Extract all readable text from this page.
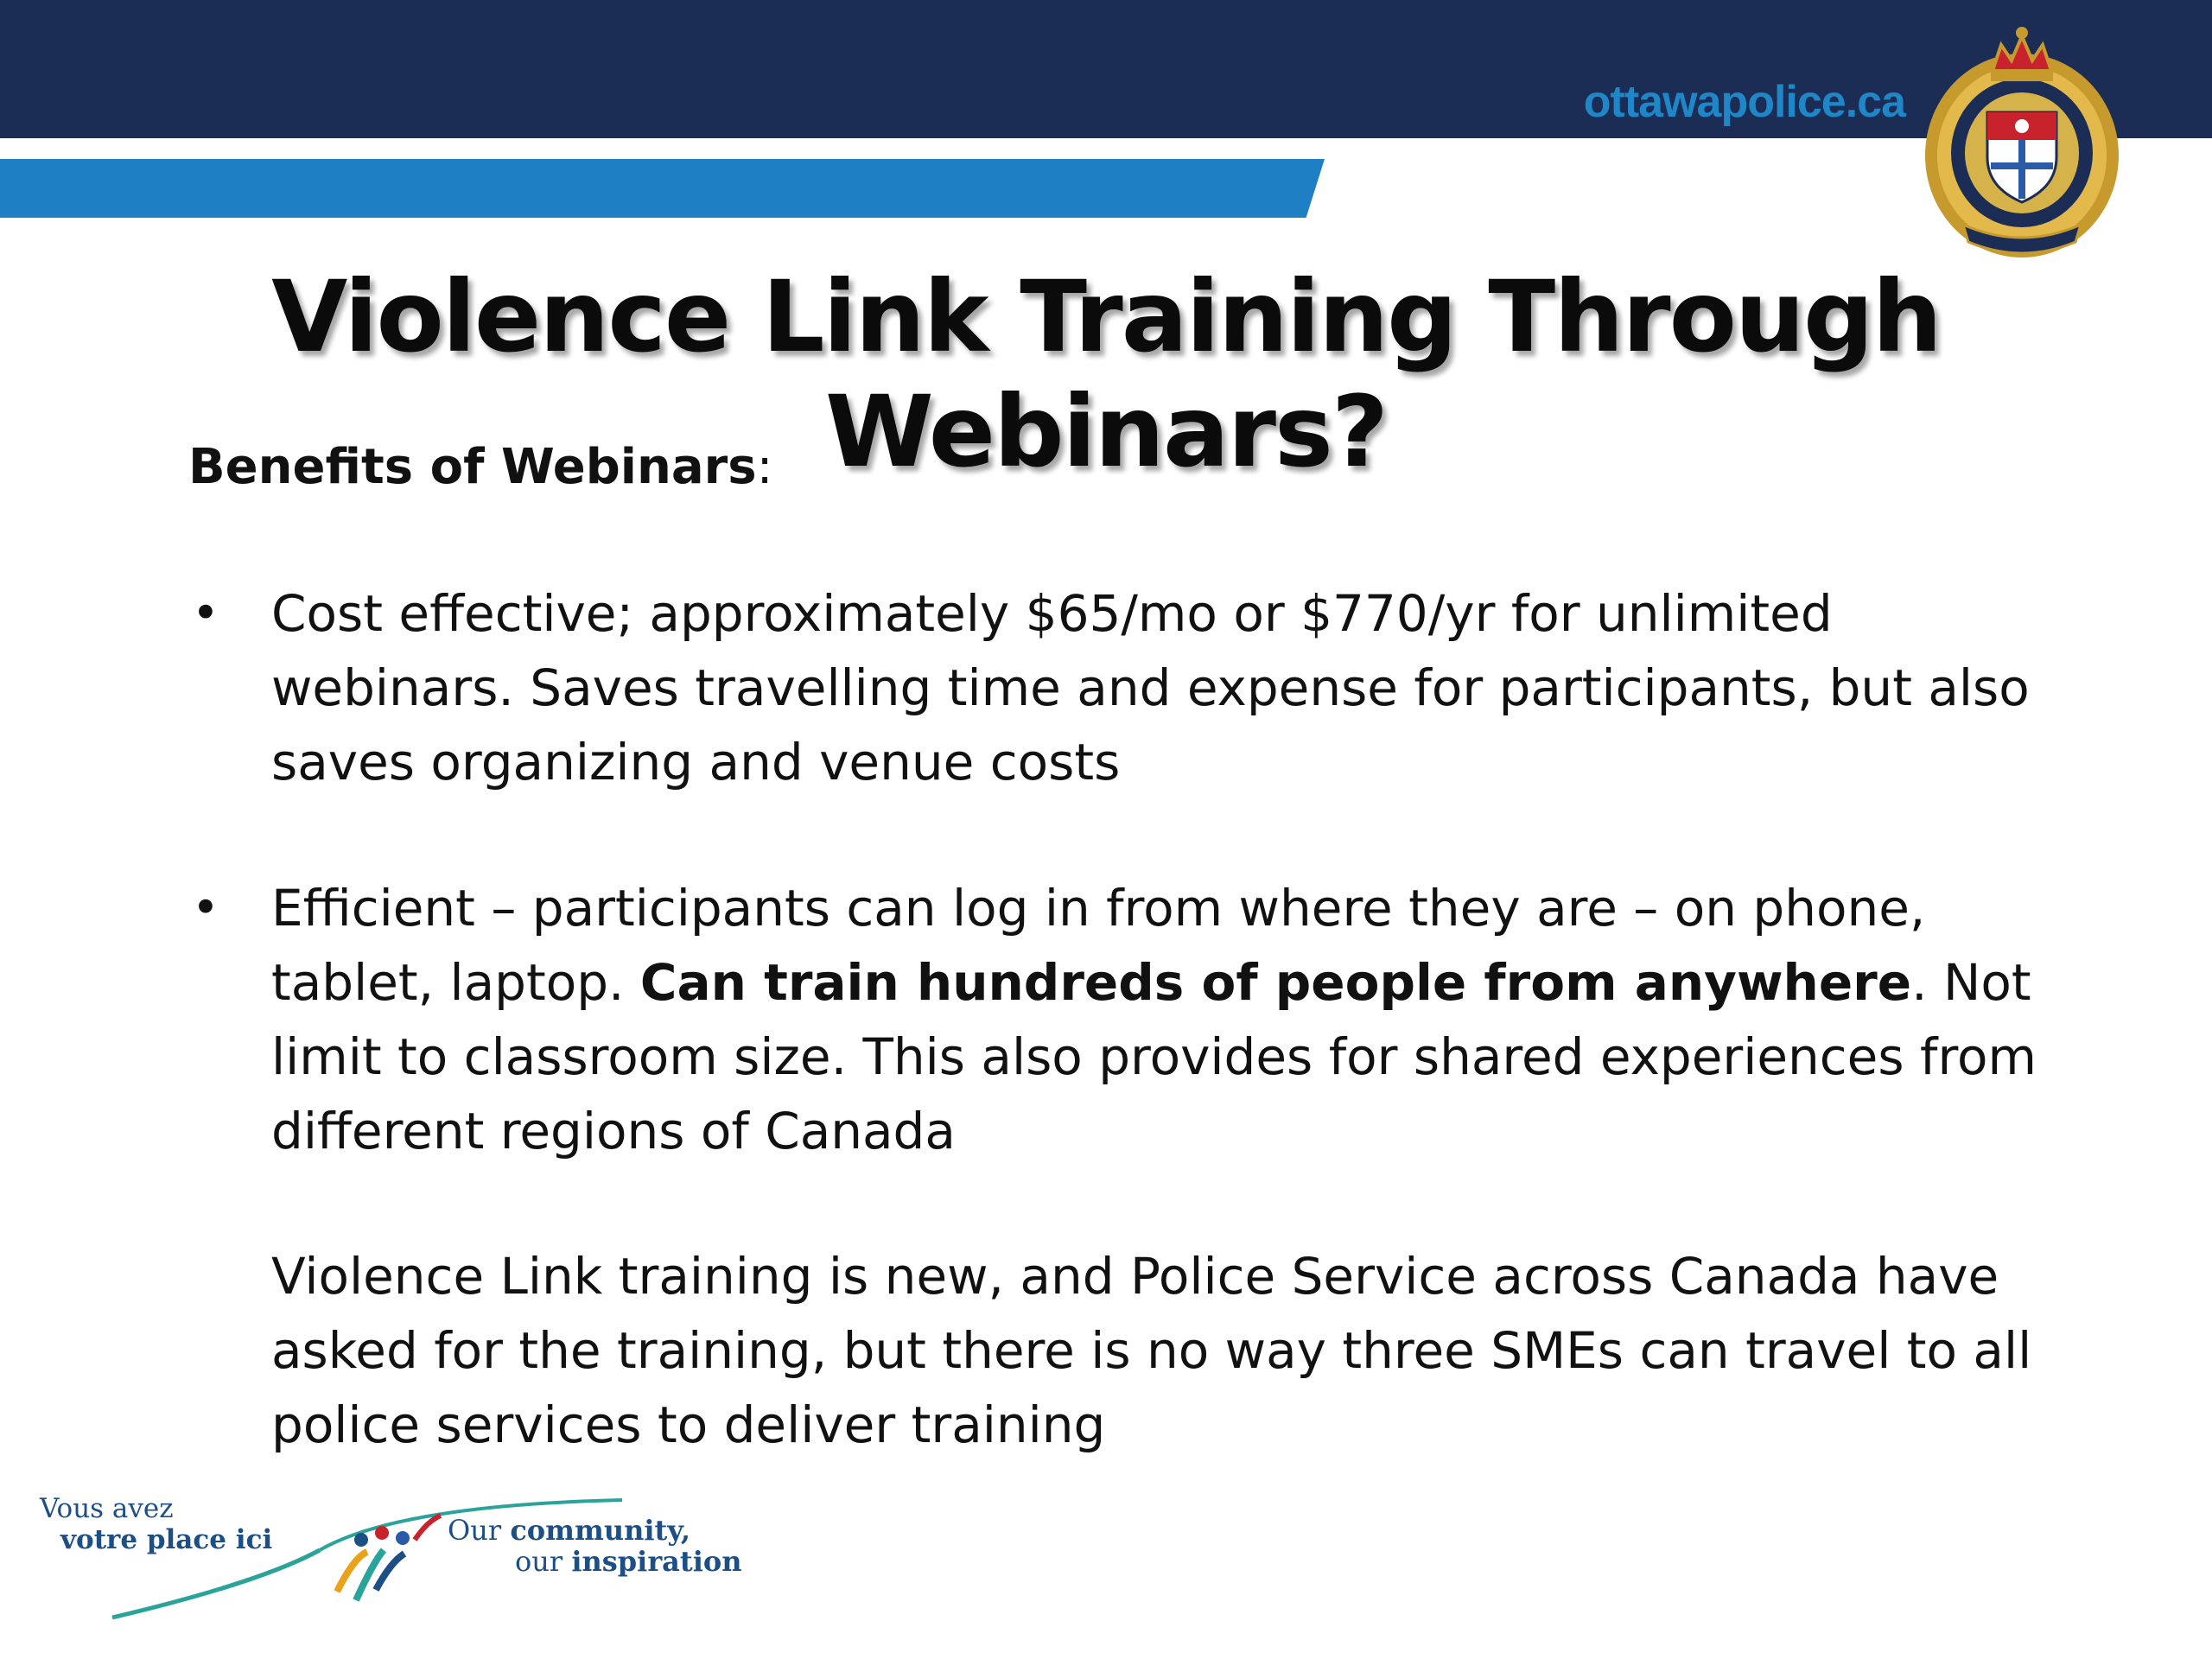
ottawapolice.ca
Violence Link Training Through Webinars?
Benefits of Webinars:
• Cost effective; approximately $65/mo or $770/yr for unlimited webinars. Saves travelling time and expense for participants, but also saves organizing and venue costs
• Efficient – participants can log in from where they are – on phone, tablet, laptop. Can train hundreds of people from anywhere. Not limit to classroom size. This also provides for shared experiences from different regions of Canada
Violence Link training is new, and Police Service across Canada have asked for the training, but there is no way three SMEs can travel to all police services to deliver training
Vous avez
votre place ici	Our community,
our inspiration
